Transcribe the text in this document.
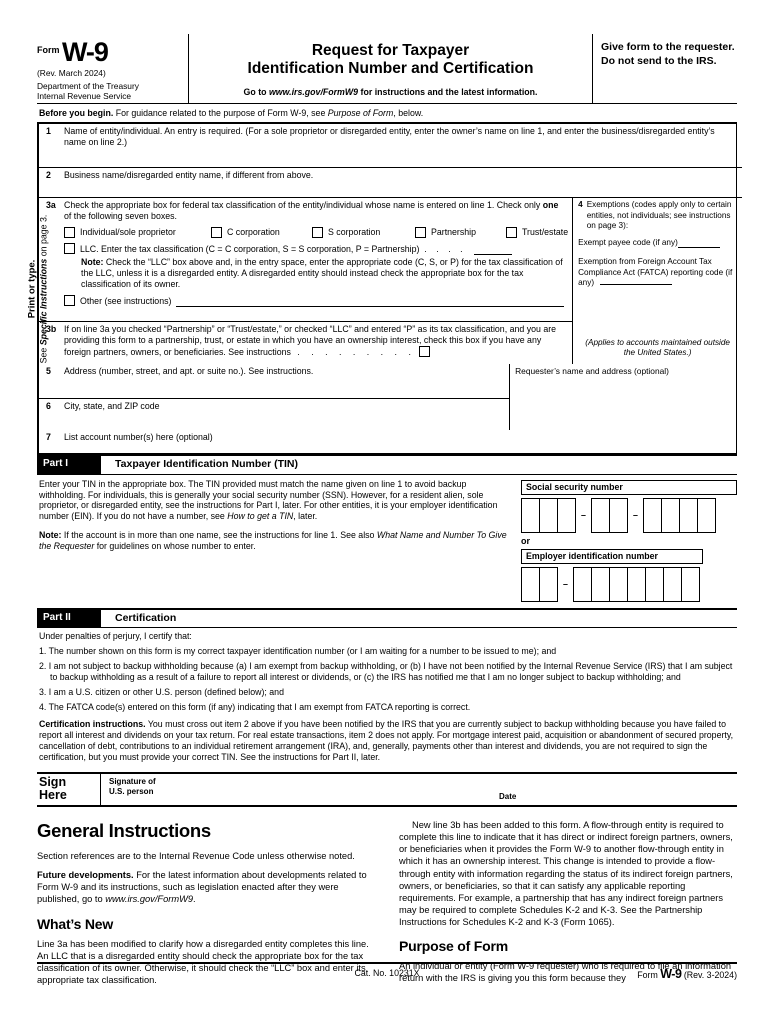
Form W-9
(Rev. March 2024)
Department of the Treasury
Internal Revenue Service
Request for Taxpayer
Identification Number and Certification
Go to www.irs.gov/FormW9 for instructions and the latest information.
Give form to the requester. Do not send to the IRS.
Before you begin. For guidance related to the purpose of Form W-9, see Purpose of Form, below.
Print or type.
See Specific Instructions on page 3.
1	Name of entity/individual. An entry is required. (For a sole proprietor or disregarded entity, enter the owner’s name on line 1, and enter the business/disregarded entity’s name on line 2.)
2	Business name/disregarded entity name, if different from above.
3a Check the appropriate box for federal tax classification of the entity/individual whose name is entered on line 1. Check only one of the following seven boxes.
Individual/sole proprietor	C corporation	S corporation	Partnership	Trust/estate
LLC. Enter the tax classification (C = C corporation, S = S corporation, P = Partnership) . . . .
Note: Check the “LLC” box above and, in the entry space, enter the appropriate code (C, S, or P) for the tax classification of the LLC, unless it is a disregarded entity. A disregarded entity should instead check the appropriate box for the tax classification of its owner.
Other (see instructions)
3b If on line 3a you checked “Partnership” or “Trust/estate,” or checked “LLC” and entered “P” as its tax classification, and you are providing this form to a partnership, trust, or estate in which you have an ownership interest, check this box if you have any foreign partners, owners, or beneficiaries. See instructions . . . . . . . . .
4 Exemptions (codes apply only to certain entities, not individuals; see instructions on page 3):
Exempt payee code (if any)
Exemption from Foreign Account Tax Compliance Act (FATCA) reporting code (if any)
(Applies to accounts maintained outside the United States.)
5	Address (number, street, and apt. or suite no.). See instructions.
6	City, state, and ZIP code
Requester’s name and address (optional)
7	List account number(s) here (optional)
Part I	Taxpayer Identification Number (TIN)

Enter your TIN in the appropriate box. The TIN provided must match the name given on line 1 to avoid backup withholding. For individuals, this is generally your social security number (SSN). However, for a resident alien, sole proprietor, or disregarded entity, see the instructions for Part I, later. For other entities, it is your employer identification number (EIN). If you do not have a number, see How to get a TIN, later.

Note: If the account is in more than one name, see the instructions for line 1. See also What Name and Number To Give the Requester for guidelines on whose number to enter.

Social security number
–	–
or
Employer identification number
–
Part II	Certification
Under penalties of perjury, I certify that:
1. The number shown on this form is my correct taxpayer identification number (or I am waiting for a number to be issued to me); and
2. I am not subject to backup withholding because (a) I am exempt from backup withholding, or (b) I have not been notified by the Internal Revenue Service (IRS) that I am subject to backup withholding as a result of a failure to report all interest or dividends, or (c) the IRS has notified me that I am no longer subject to backup withholding; and
3. I am a U.S. citizen or other U.S. person (defined below); and
4. The FATCA code(s) entered on this form (if any) indicating that I am exempt from FATCA reporting is correct.
Certification instructions. You must cross out item 2 above if you have been notified by the IRS that you are currently subject to backup withholding because you have failed to report all interest and dividends on your tax return. For real estate transactions, item 2 does not apply. For mortgage interest paid, acquisition or abandonment of secured property, cancellation of debt, contributions to an individual retirement arrangement (IRA), and, generally, payments other than interest and dividends, you are not required to sign the certification, but you must provide your correct TIN. See the instructions for Part II, later.
Sign
Here
Signature of
U.S. person
Date
General Instructions

Section references are to the Internal Revenue Code unless otherwise noted.

Future developments. For the latest information about developments related to Form W-9 and its instructions, such as legislation enacted after they were published, go to www.irs.gov/FormW9.

What’s New

Line 3a has been modified to clarify how a disregarded entity completes this line. An LLC that is a disregarded entity should check the appropriate box for the tax classification of its owner. Otherwise, it should check the “LLC” box and enter its appropriate tax classification.

New line 3b has been added to this form. A flow-through entity is required to complete this line to indicate that it has direct or indirect foreign partners, owners, or beneficiaries when it provides the Form W-9 to another flow-through entity in which it has an ownership interest. This change is intended to provide a flow-through entity with information regarding the status of its indirect foreign partners, owners, or beneficiaries, so that it can satisfy any applicable reporting requirements. For example, a partnership that has any indirect foreign partners may be required to complete Schedules K-2 and K-3. See the Partnership Instructions for Schedules K-2 and K-3 (Form 1065).

Purpose of Form

An individual or entity (Form W-9 requester) who is required to file an information return with the IRS is giving you this form because they

Cat. No. 10231X	Form W-9 (Rev. 3-2024)
